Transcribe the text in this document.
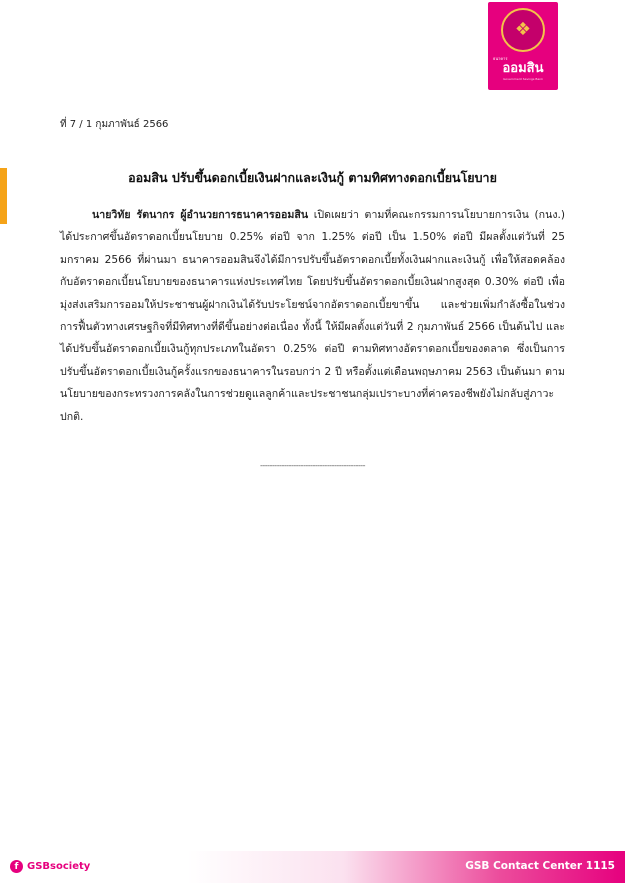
❖
ธนาคาร
ออมสิน
Government Savings Bank
ที่ 7 / 1 กุมภาพันธ์ 2566
ออมสิน ปรับขึ้นดอกเบี้ยเงินฝากและเงินกู้ ตามทิศทางดอกเบี้ยนโยบาย
นายวิทัย รัตนากร ผู้อำนวยการธนาคารออมสิน เปิดเผยว่า ตามที่คณะกรรมการนโยบายการเงิน (กนง.) ได้ประกาศขึ้นอัตราดอกเบี้ยนโยบาย 0.25% ต่อปี จาก 1.25% ต่อปี เป็น 1.50% ต่อปี มีผลตั้งแต่วันที่ 25 มกราคม 2566 ที่ผ่านมา ธนาคารออมสินจึงได้มีการปรับขึ้นอัตราดอกเบี้ยทั้งเงินฝากและเงินกู้ เพื่อให้สอดคล้องกับอัตราดอกเบี้ยนโยบายของธนาคารแห่งประเทศไทย โดยปรับขึ้นอัตราดอกเบี้ยเงินฝากสูงสุด 0.30% ต่อปี เพื่อมุ่งส่งเสริมการออมให้ประชาชนผู้ฝากเงินได้รับประโยชน์จากอัตราดอกเบี้ยขาขึ้น และช่วยเพิ่มกำลังซื้อในช่วงการฟื้นตัวทางเศรษฐกิจที่มีทิศทางที่ดีขึ้นอย่างต่อเนื่อง ทั้งนี้ ให้มีผลตั้งแต่วันที่ 2 กุมภาพันธ์ 2566 เป็นต้นไป และได้ปรับขึ้นอัตราดอกเบี้ยเงินกู้ทุกประเภทในอัตรา 0.25% ต่อปี ตามทิศทางอัตราดอกเบี้ยของตลาด ซึ่งเป็นการปรับขึ้นอัตราดอกเบี้ยเงินกู้ครั้งแรกของธนาคารในรอบกว่า 2 ปี หรือตั้งแต่เดือนพฤษภาคม 2563 เป็นต้นมา ตามนโยบายของกระทรวงการคลังในการช่วยดูแลลูกค้าและประชาชนกลุ่มเปราะบางที่ค่าครองชีพยังไม่กลับสู่ภาวะปกติ.
--------------------------------------------
f GSBsociety	GSB Contact Center 1115
